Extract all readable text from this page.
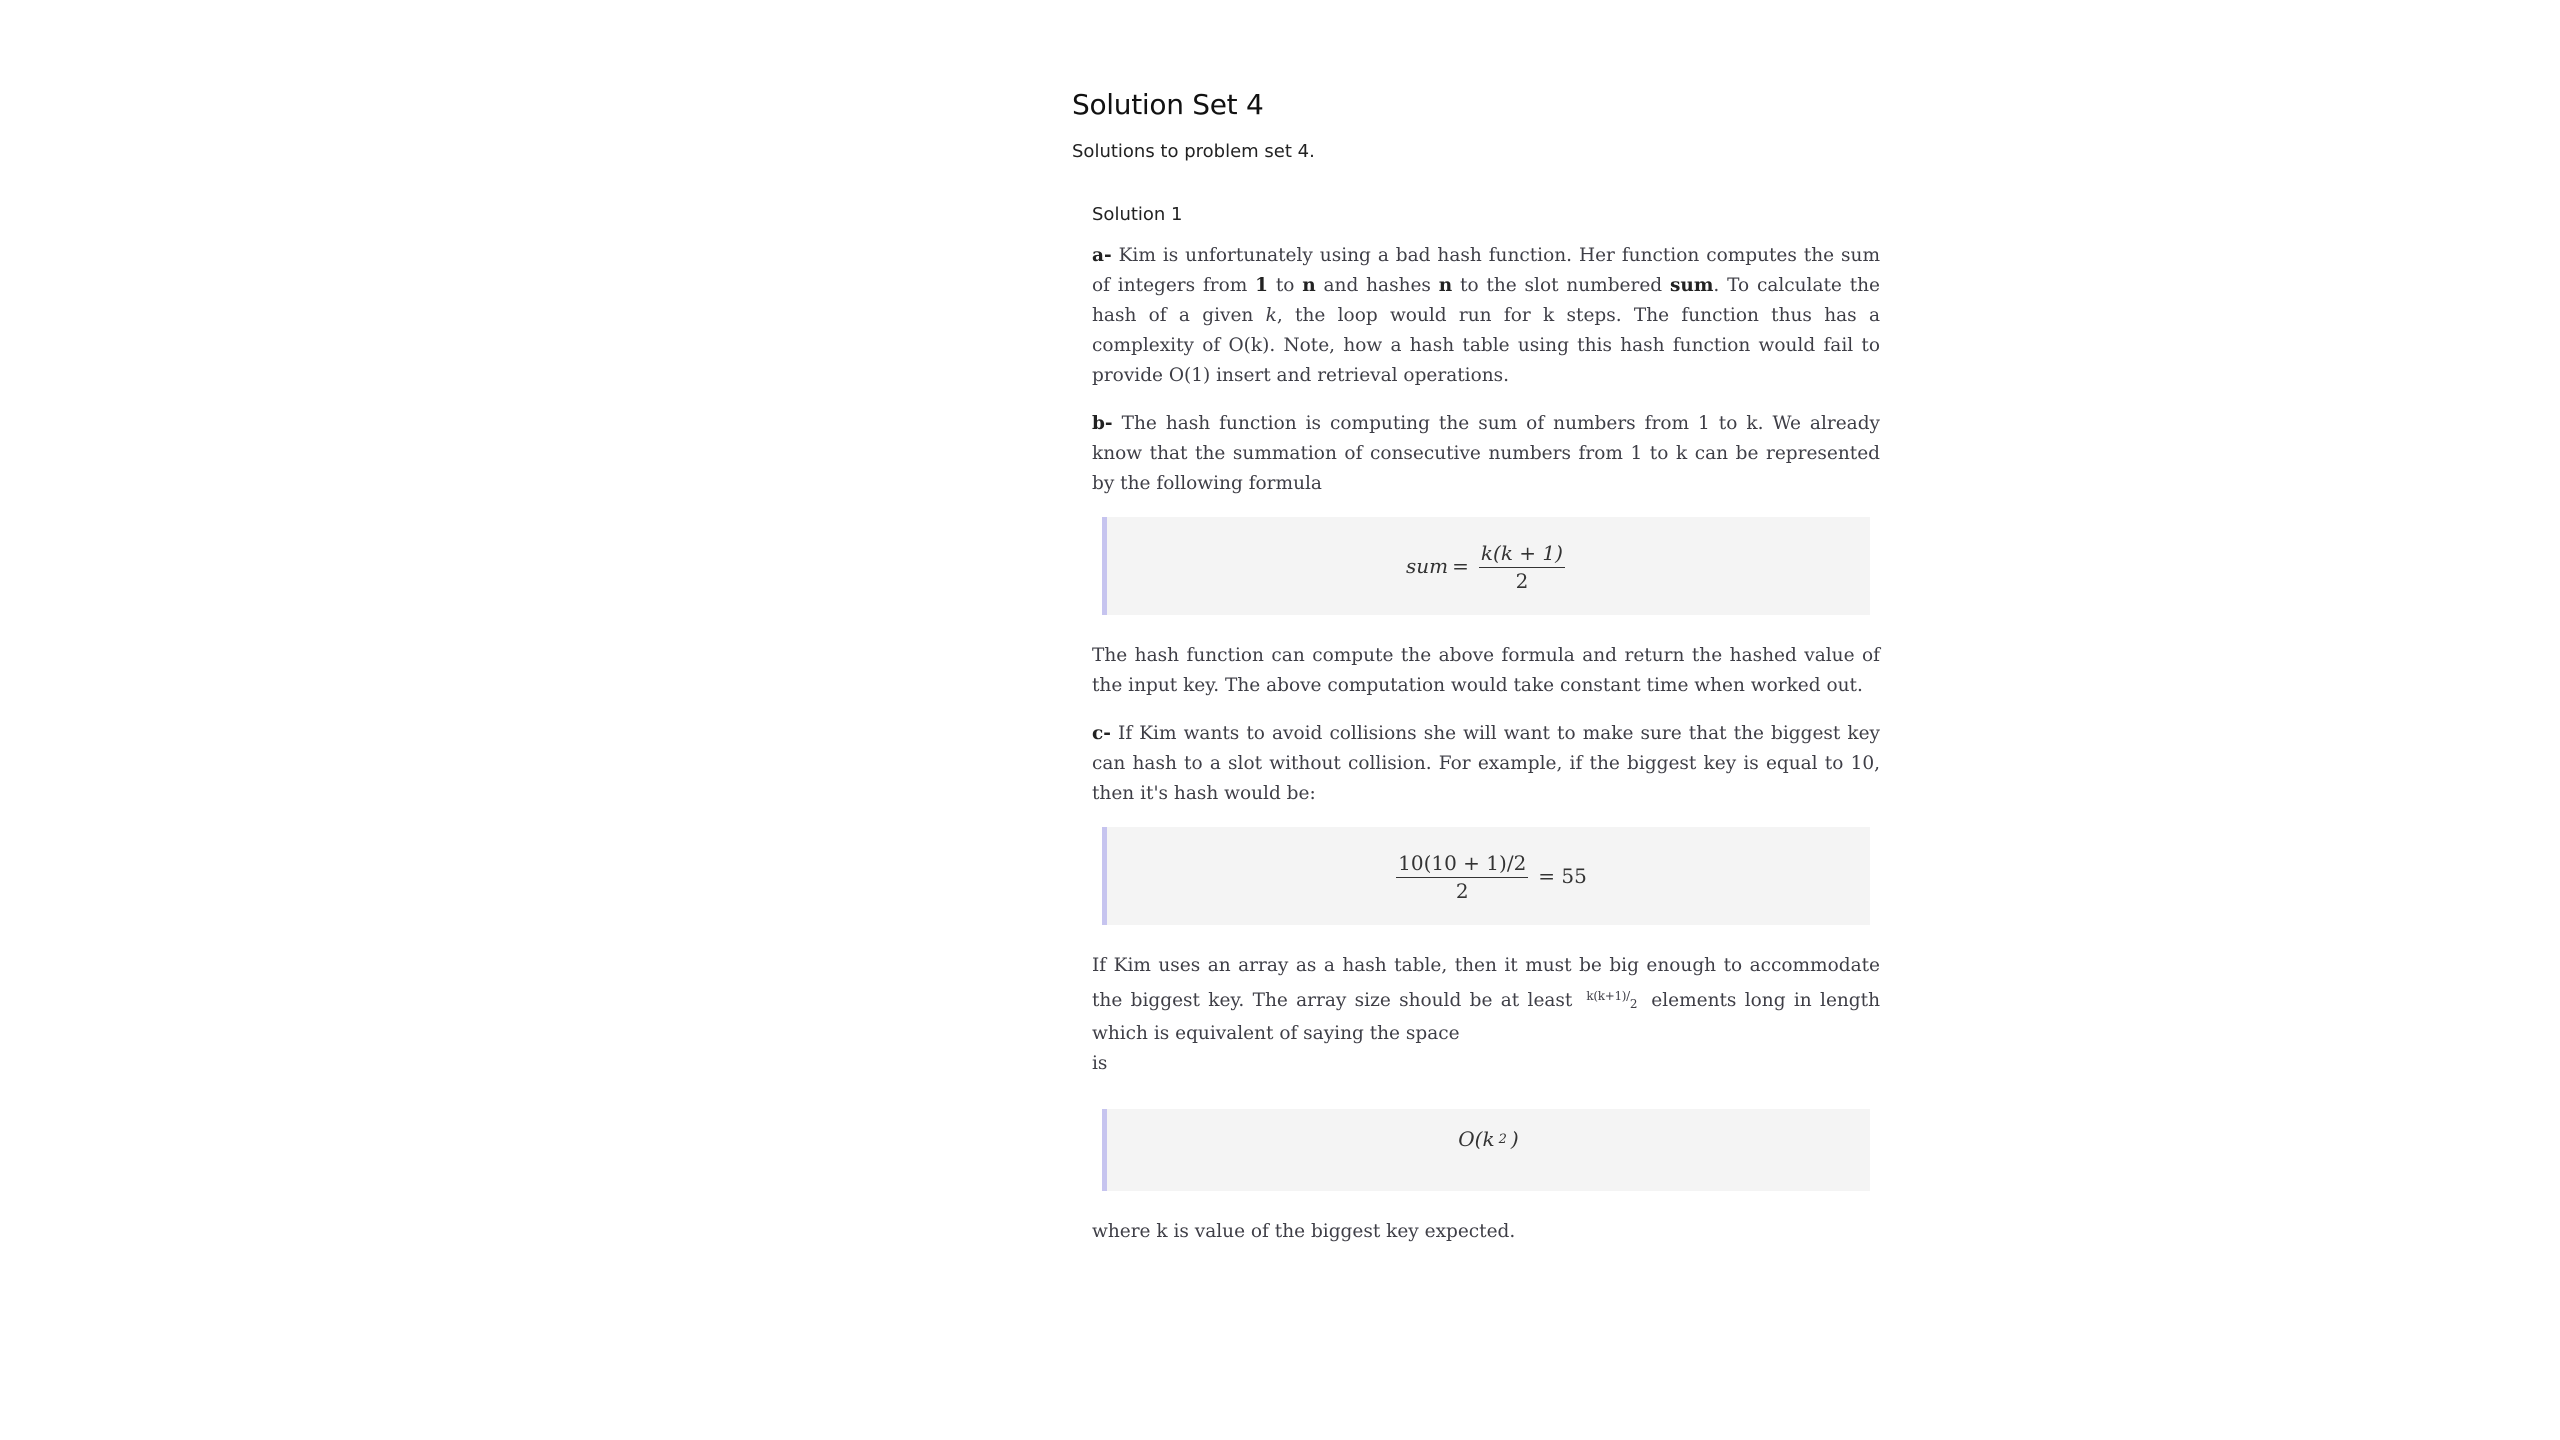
Solution Set 4
Solutions to problem set 4.
Solution 1

a- Kim is unfortunately using a bad hash function. Her function computes the sum of integers from 1 to n and hashes n to the slot numbered sum. To calculate the hash of a given k, the loop would run for k steps. The function thus has a complexity of O(k). Note, how a hash table using this hash function would fail to provide O(1) insert and retrieval operations.

b- The hash function is computing the sum of numbers from 1 to k. We already know that the summation of consecutive numbers from 1 to k can be represented by the following formula

sum = $\frac{k(k + 1)}{2}$

The hash function can compute the above formula and return the hashed value of the input key. The above computation would take constant time when worked out.

c- If Kim wants to avoid collisions she will want to make sure that the biggest key can hash to a slot without collision. For example, if the biggest key is equal to 10, then it's hash would be:

$\frac{10(10 + 1)/2}{2} = 55$

If Kim uses an array as a hash table, then it must be big enough to accommodate the biggest key. The array size should be at least k(k+1)/2 elements long in length which is equivalent of saying the space
is

O(k 2 )

where k is value of the biggest key expected.
